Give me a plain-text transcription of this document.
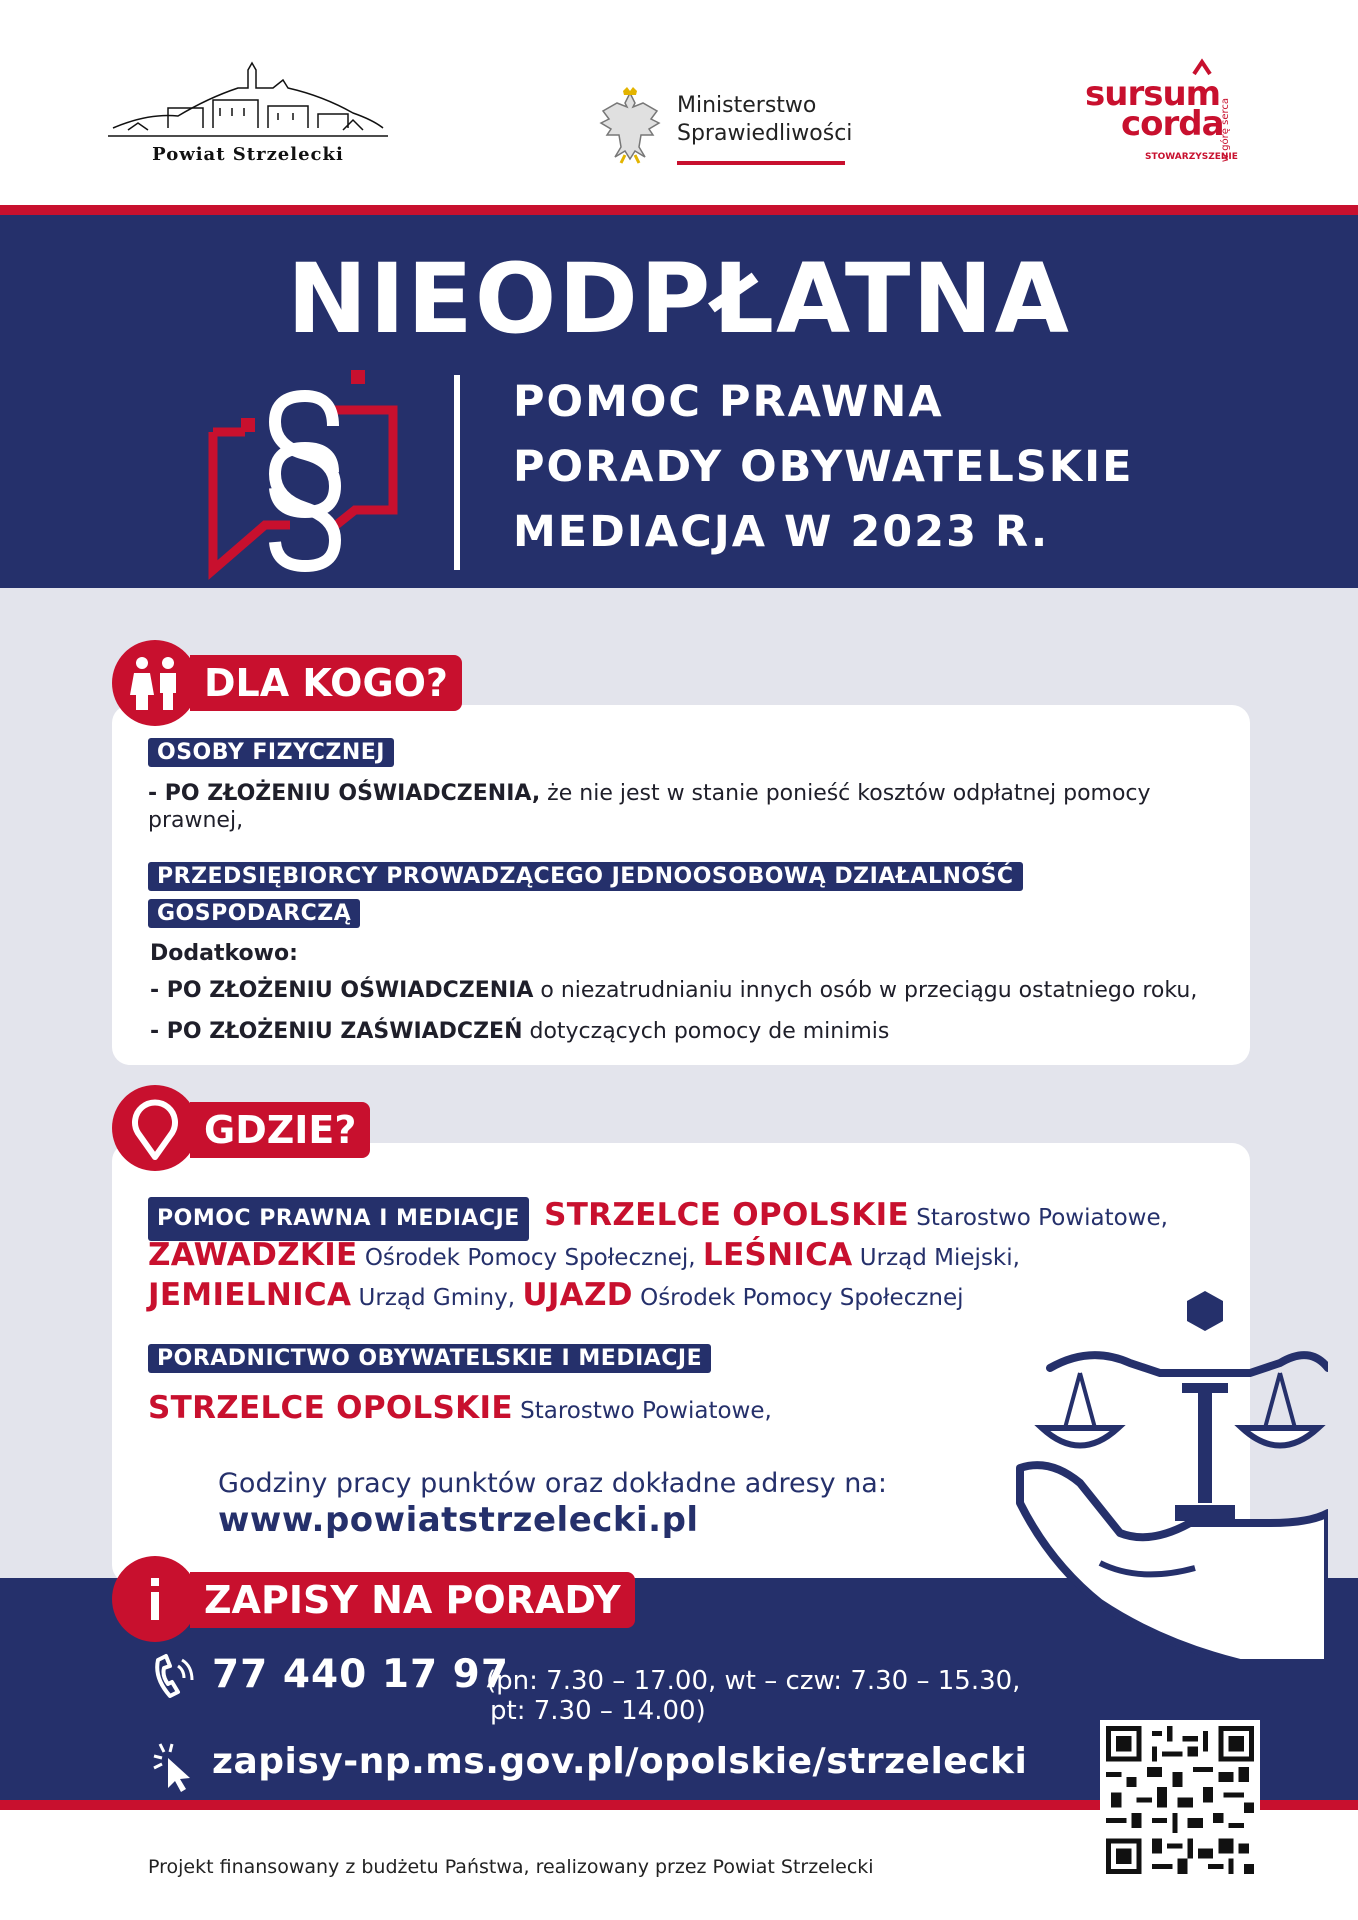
Powiat Strzelecki
Ministerstwo
Sprawiedliwości
sursum
corda
STOWARZYSZENIE
w górę serca
NIEODPŁATNA
POMOC PRAWNA
PORADY OBYWATELSKIE
MEDIACJA W 2023 R.
DLA KOGO?
OSOBY FIZYCZNEJ
- PO ZŁOŻENIU OŚWIADCZENIA, że nie jest w stanie ponieść kosztów odpłatnej pomocy
prawnej,
PRZEDSIĘBIORCY PROWADZĄCEGO JEDNOOSOBOWĄ DZIAŁALNOŚĆ
GOSPODARCZĄ
Dodatkowo:
- PO ZŁOŻENIU OŚWIADCZENIA o niezatrudnianiu innych osób w przeciągu ostatniego roku,
- PO ZŁOŻENIU ZAŚWIADCZEŃ dotyczących pomocy de minimis
GDZIE?
POMOC PRAWNA I MEDIACJE STRZELCE OPOLSKIE Starostwo Powiatowe,
ZAWADZKIE Ośrodek Pomocy Społecznej, LEŚNICA Urząd Miejski,
JEMIELNICA Urząd Gminy, UJAZD Ośrodek Pomocy Społecznej
PORADNICTWO OBYWATELSKIE I MEDIACJE
STRZELCE OPOLSKIE Starostwo Powiatowe,
Godziny pracy punktów oraz dokładne adresy na:
www.powiatstrzelecki.pl
ZAPISY NA PORADY
77 440 17 97
(pn: 7.30 – 17.00, wt – czw: 7.30 – 15.30,
pt: 7.30 – 14.00)
zapisy-np.ms.gov.pl/opolskie/strzelecki
Projekt finansowany z budżetu Państwa, realizowany przez Powiat Strzelecki
